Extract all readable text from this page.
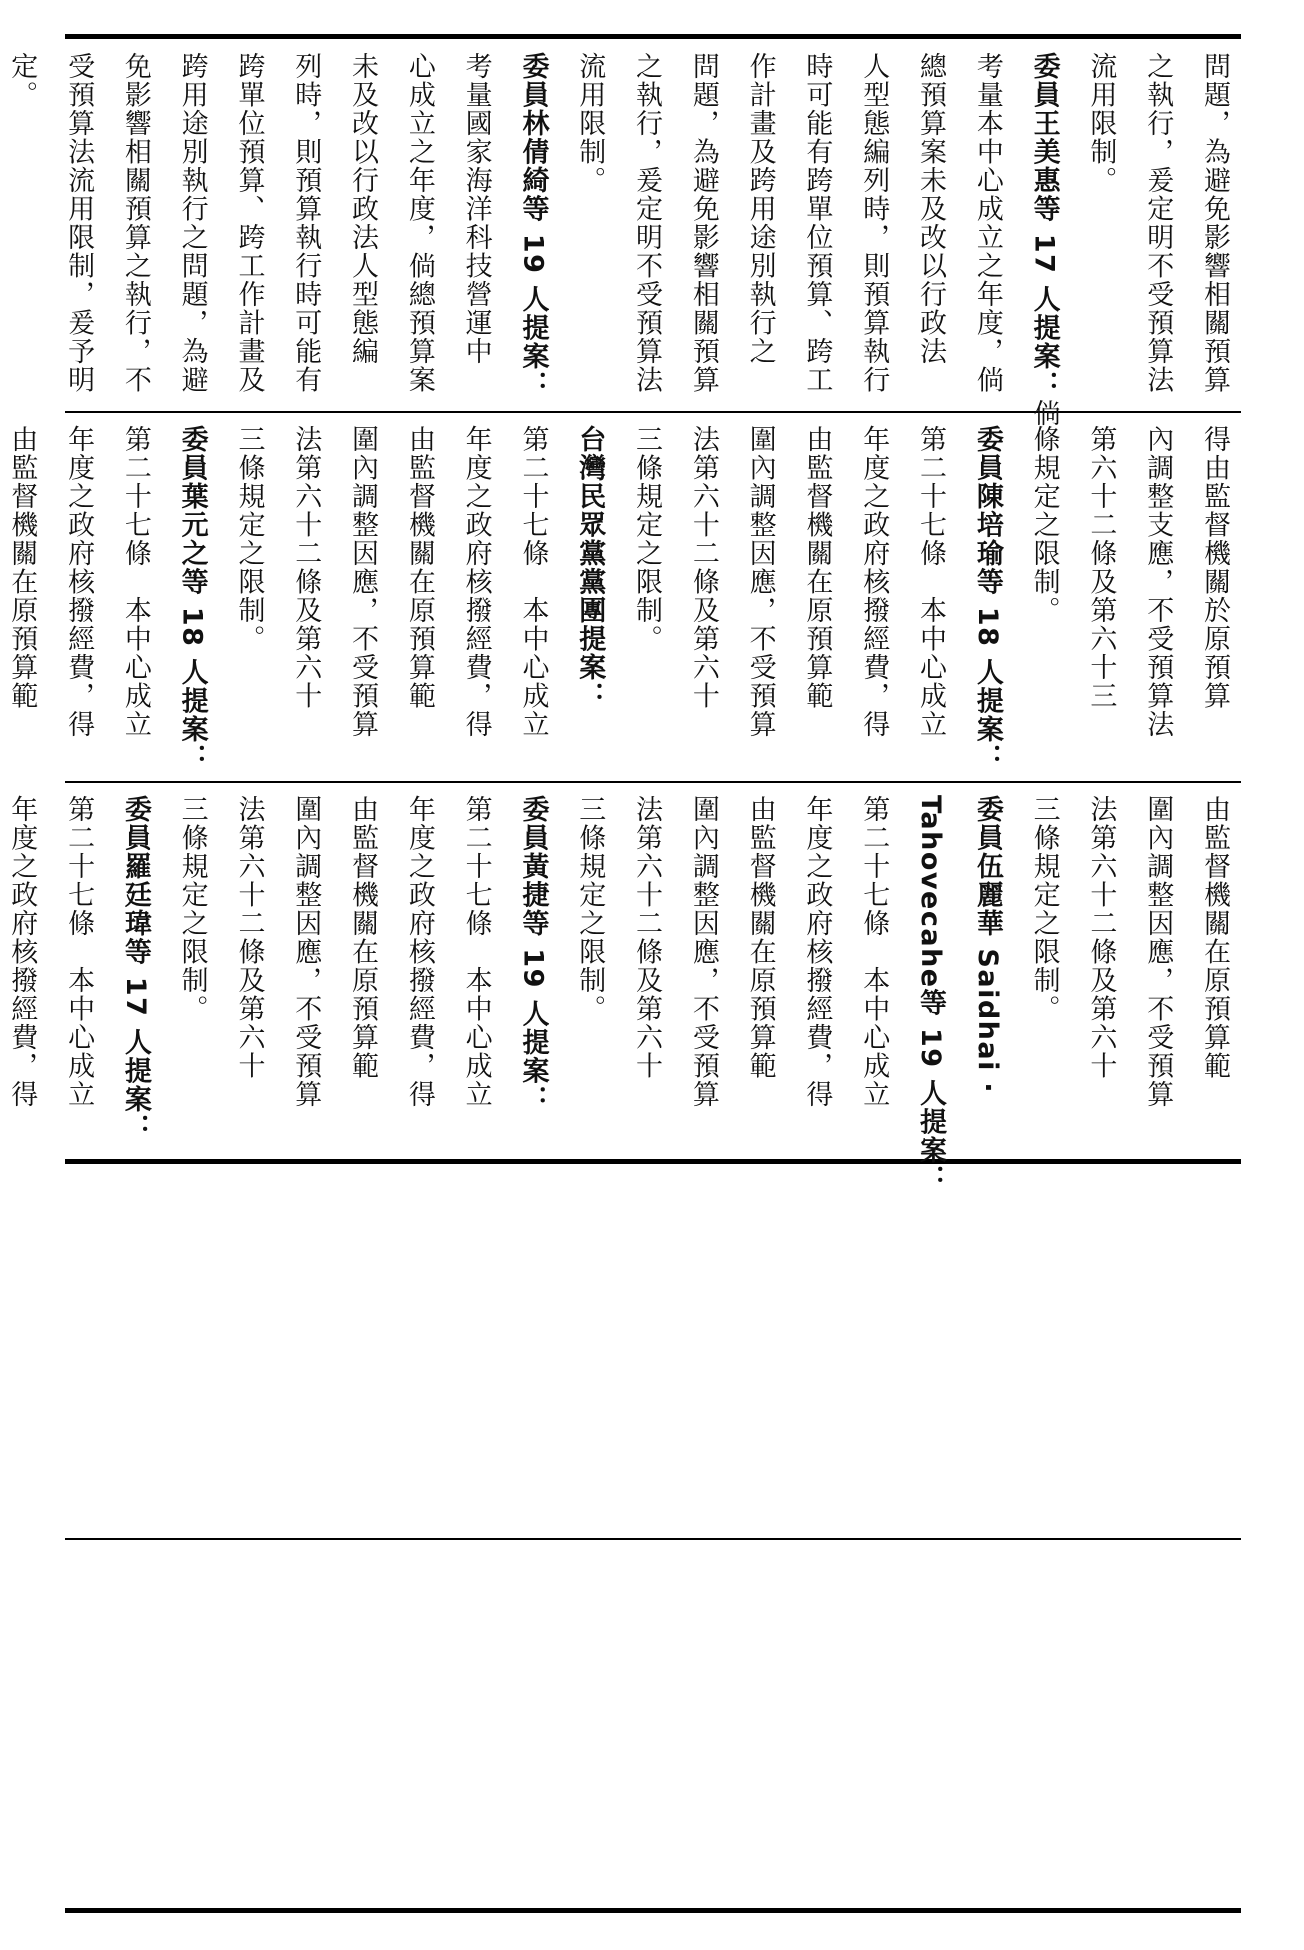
問題，為避免影響相關預算
之執行，爰定明不受預算法
流用限制。
委員王美惠等 17 人提案：倘
考量本中心成立之年度，倘
總預算案未及改以行政法
人型態編列時，則預算執行
時可能有跨單位預算、跨工
作計畫及跨用途別執行之
問題，為避免影響相關預算
之執行，爰定明不受預算法
流用限制。
委員林倩綺等 19 人提案：
考量國家海洋科技營運中
心成立之年度，倘總預算案
未及改以行政法人型態編
列時，則預算執行時可能有
跨單位預算、跨工作計畫及
跨用途別執行之問題，為避
免影響相關預算之執行，不
受預算法流用限制，爰予明
定。
得由監督機關於原預算
內調整支應，不受預算法
第六十二條及第六十三
條規定之限制。
委員陳培瑜等 18 人提案：
第二十七條　本中心成立
年度之政府核撥經費，得
由監督機關在原預算範
圍內調整因應，不受預算
法第六十二條及第六十
三條規定之限制。
台灣民眾黨黨團提案：
第二十七條　本中心成立
年度之政府核撥經費，得
由監督機關在原預算範
圍內調整因應，不受預算
法第六十二條及第六十
三條規定之限制。
委員葉元之等 18 人提案：
第二十七條　本中心成立
年度之政府核撥經費，得
由監督機關在原預算範
由監督機關在原預算範
圍內調整因應，不受預算
法第六十二條及第六十
三條規定之限制。
委員伍麗華 Saidhai ‧
Tahovecahe等 19 人提案：
第二十七條　本中心成立
年度之政府核撥經費，得
由監督機關在原預算範
圍內調整因應，不受預算
法第六十二條及第六十
三條規定之限制。
委員黃捷等 19 人提案：
第二十七條　本中心成立
年度之政府核撥經費，得
由監督機關在原預算範
圍內調整因應，不受預算
法第六十二條及第六十
三條規定之限制。
委員羅廷瑋等 17 人提案：
第二十七條　本中心成立
年度之政府核撥經費，得
